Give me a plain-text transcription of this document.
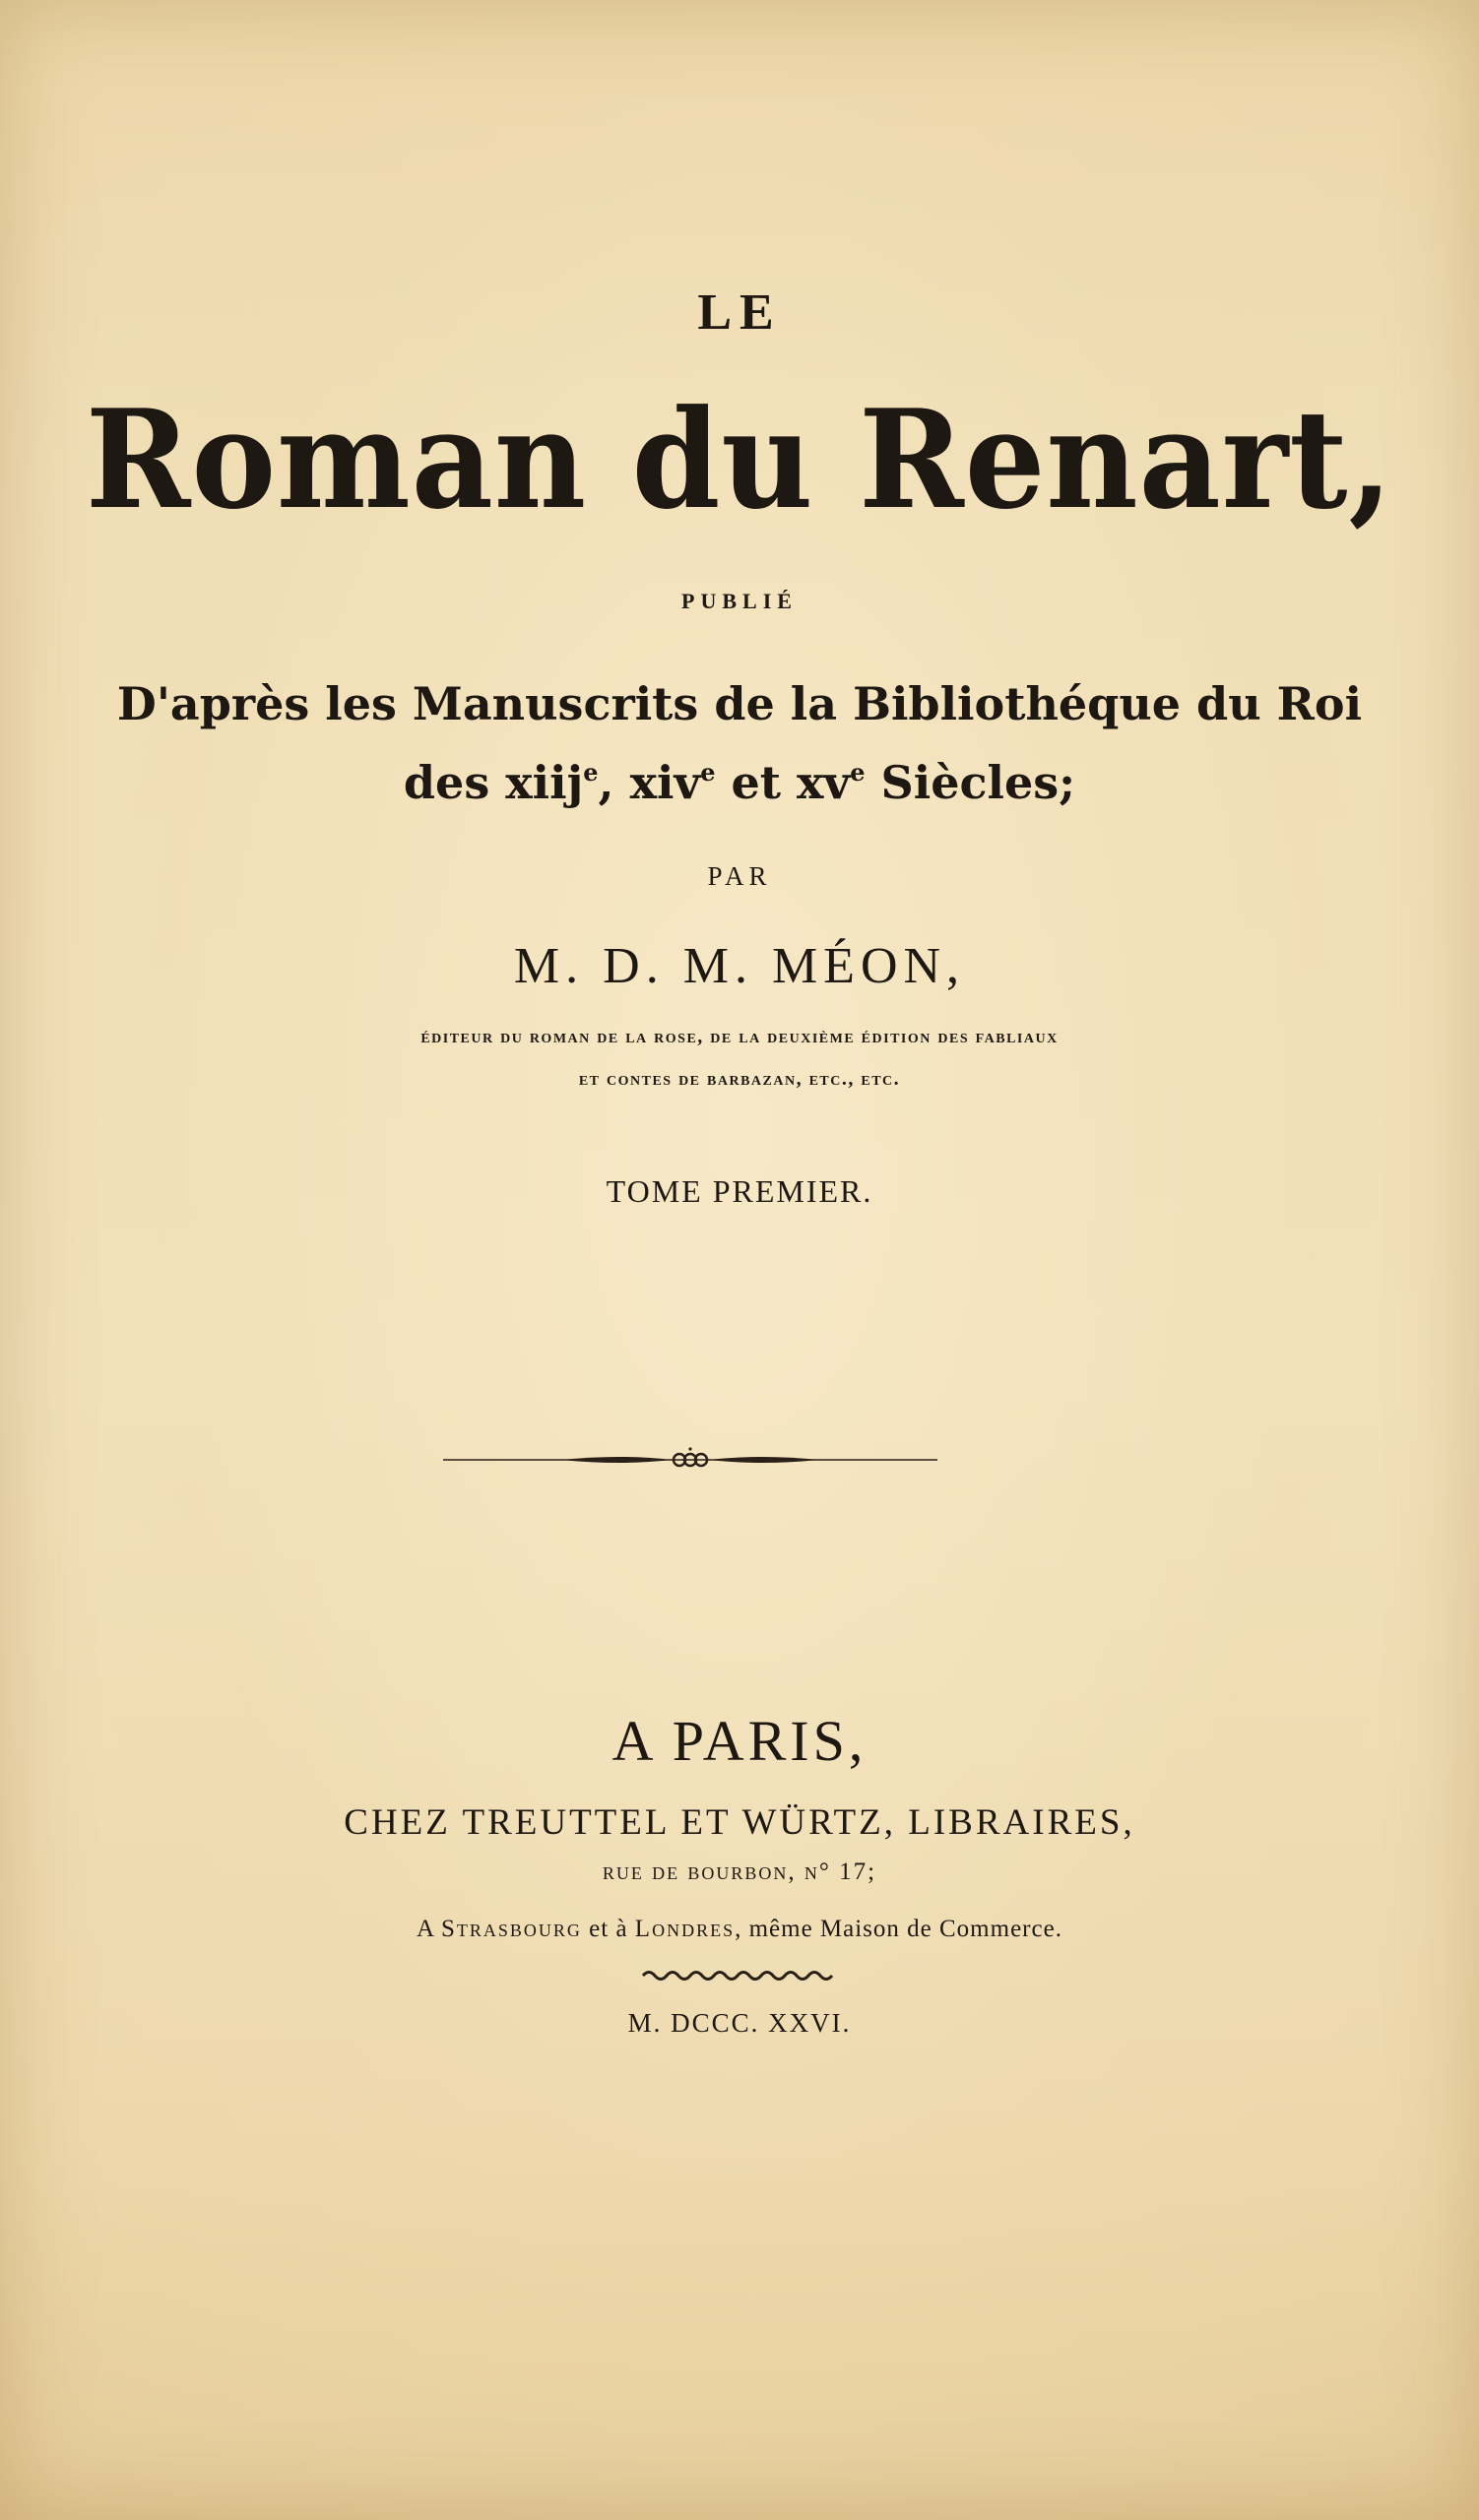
LE
Roman du Renart,
PUBLIÉ
D'après les Manuscrits de la Bibliothéque du Roi
des xiij$^e$, xiv$^e$ et $xv^e$ Siècles;
PAR
M. D. M. MÉON,
éditeur du roman de la rose, de la deuxième édition des fabliaux
et contes de barbazan, etc., etc.
TOME PREMIER.
A PARIS,
CHEZ TREUTTEL ET WÜRTZ, LIBRAIRES,
rue de bourbon, n° 17;
A Strasbourg et à Londres, même Maison de Commerce.
M. DCCC. XXVI.
